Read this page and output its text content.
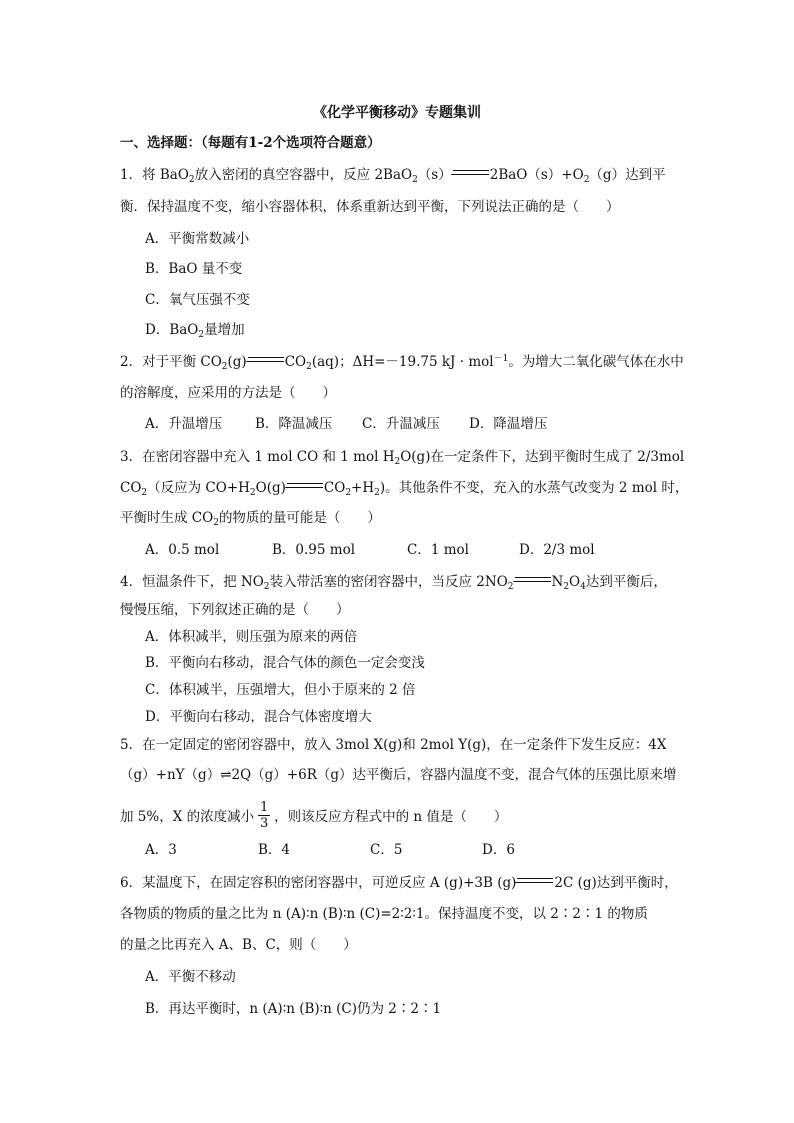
《化学平衡移动》专题集训
一、选择题：（每题有1-2个选项符合题意）
1．将 BaO$_2$放入密闭的真空容器中，反应 2BaO$_2$（s）	$2BaO(s)+O_2(g)$达到平
衡．保持温度不变，缩小容器体积，体系重新达到平衡，下列说法正确的是（　　）
A．平衡常数减小
B．BaO 量不变
C．氧气压强不变
D．BaO$_2$量增加
2．对于平衡 $CO_2(g)$	$CO_2(aq)$；ΔH=－19.75 kJ · mol$^{-1}$。为增大二氧化碳气体在水中
的溶解度，应采用的方法是（　　）
A．升温增压 B．降温减压 C．升温减压 D．降温增压
3．在密闭容器中充入 1 mol CO 和 1 mol $H_2O(g)$在一定条件下，达到平衡时生成了 2/3mol
$CO_2$（反应为 $CO+H_2O(g)$	$CO_2+H_2$)。其他条件不变，充入的水蒸气改变为 2 mol 时，
平衡时生成 $CO_2$的物质的量可能是（　　）
A．0.5 mol	B．0.95 mol	C．1 mol	D．2/3 mol
4．恒温条件下，把 $NO_2$装入带活塞的密闭容器中，当反应 $2NO_2$	$N_2O_4$达到平衡后，
慢慢压缩，下列叙述正确的是（　　）
A．体积减半，则压强为原来的两倍
B．平衡向右移动，混合气体的颜色一定会变浅
C．体积减半，压强增大，但小于原来的 2 倍
D．平衡向右移动，混合气体密度增大
5．在一定固定的密闭容器中，放入 3mol X(g)和 2mol Y(g)，在一定条件下发生反应：4X
（g）+nY（g）⇌2Q（g）+6R（g）达平衡后，容器内温度不变，混合气体的压强比原来增
加 5%，X 的浓度减小 $\frac{1}{3}$ ，则该反应方程式中的 n 值是（　　）
A．3	B．4	C．5	D．6
6．某温度下，在固定容积的密闭容器中，可逆反应 A (g)+3B (g)	2C (g)达到平衡时，
各物质的物质的量之比为 n (A)∶n (B)∶n (C)=2∶2∶1。保持温度不变，以 2∶2∶1 的物质
的量之比再充入 A、B、C，则（　　）
A．平衡不移动
B．再达平衡时，n (A)∶n (B)∶n (C)仍为 2∶2∶1
